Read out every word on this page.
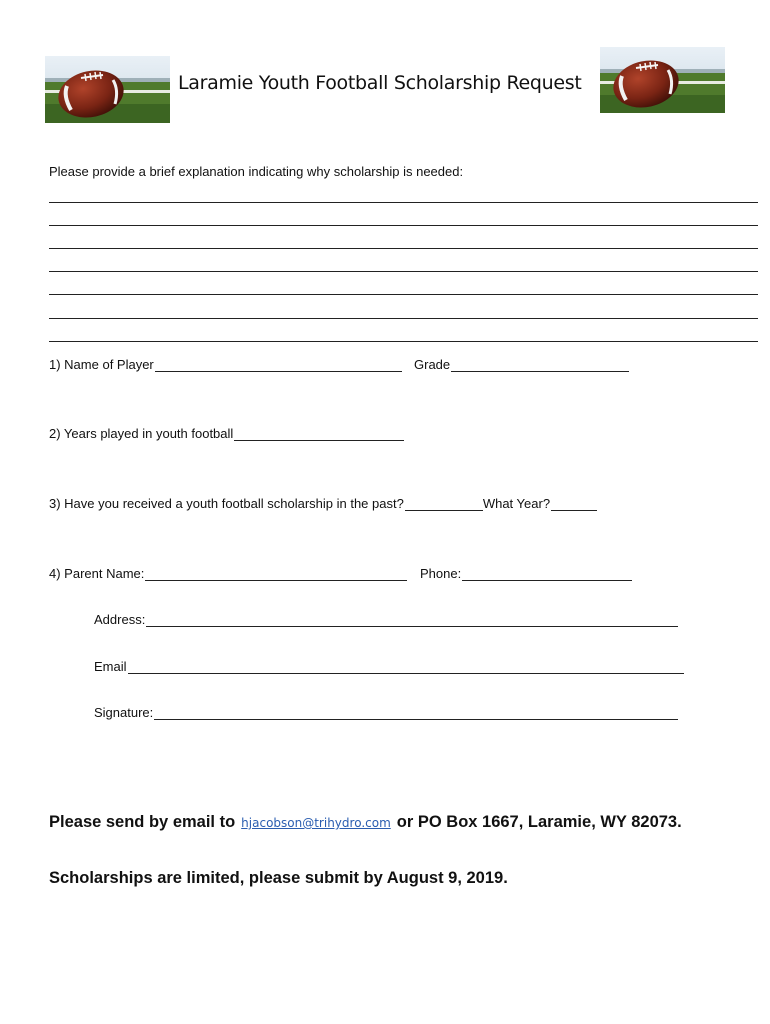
Laramie Youth Football Scholarship Request
Please provide a brief explanation indicating why scholarship is needed:
1) Name of Player	Grade
2) Years played in youth football
3) Have you received a youth football scholarship in the past?	What Year?
4) Parent Name:	Phone:
Address:
Email
Signature:
Please send by email to hjacobson@trihydro.com or PO Box 1667, Laramie, WY 82073.
Scholarships are limited, please submit by August 9, 2019.
